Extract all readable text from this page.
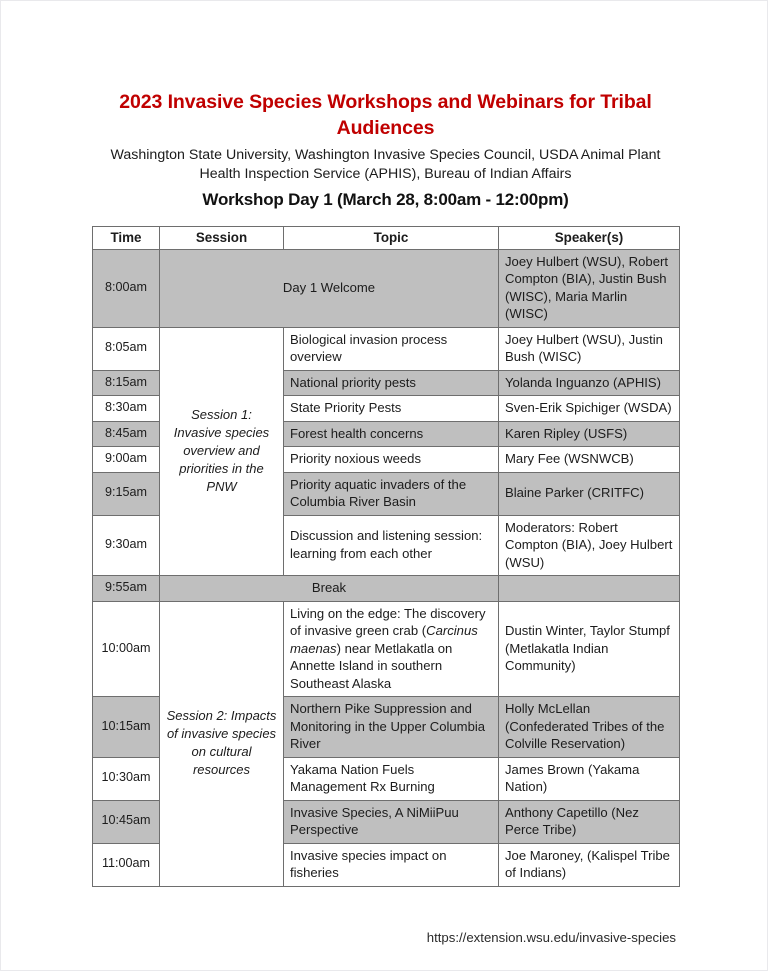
2023 Invasive Species Workshops and Webinars for Tribal Audiences

Washington State University, Washington Invasive Species Council, USDA Animal Plant Health Inspection Service (APHIS), Bureau of Indian Affairs

Workshop Day 1 (March 28, 8:00am - 12:00pm)
Time	Session	Topic	Speaker(s)
8:00am	Day 1 Welcome		Joey Hulbert (WSU), Robert Compton (BIA), Justin Bush (WISC), Maria Marlin (WISC)
8:05am	Session 1: Invasive species overview and priorities in the PNW	Biological invasion process overview	Joey Hulbert (WSU), Justin Bush (WISC)
8:15am		National priority pests	Yolanda Inguanzo (APHIS)
8:30am		State Priority Pests	Sven-Erik Spichiger (WSDA)
8:45am		Forest health concerns	Karen Ripley (USFS)
9:00am		Priority noxious weeds	Mary Fee (WSNWCB)
9:15am		Priority aquatic invaders of the Columbia River Basin	Blaine Parker (CRITFC)
9:30am		Discussion and listening session: learning from each other	Moderators: Robert Compton (BIA), Joey Hulbert (WSU)
9:55am	Break		
10:00am	Session 2: Impacts of invasive species on cultural resources	Living on the edge: The discovery of invasive green crab (Carcinus maenas) near Metlakatla on Annette Island in southern Southeast Alaska	Dustin Winter, Taylor Stumpf (Metlakatla Indian Community)
10:15am		Northern Pike Suppression and Monitoring in the Upper Columbia River	Holly McLellan (Confederated Tribes of the Colville Reservation)
10:30am		Yakama Nation Fuels Management Rx Burning	James Brown (Yakama Nation)
10:45am		Invasive Species, A NiMiiPuu Perspective	Anthony Capetillo (Nez Perce Tribe)
11:00am		Invasive species impact on fisheries	Joe Maroney, (Kalispel Tribe of Indians)
https://extension.wsu.edu/invasive-species
